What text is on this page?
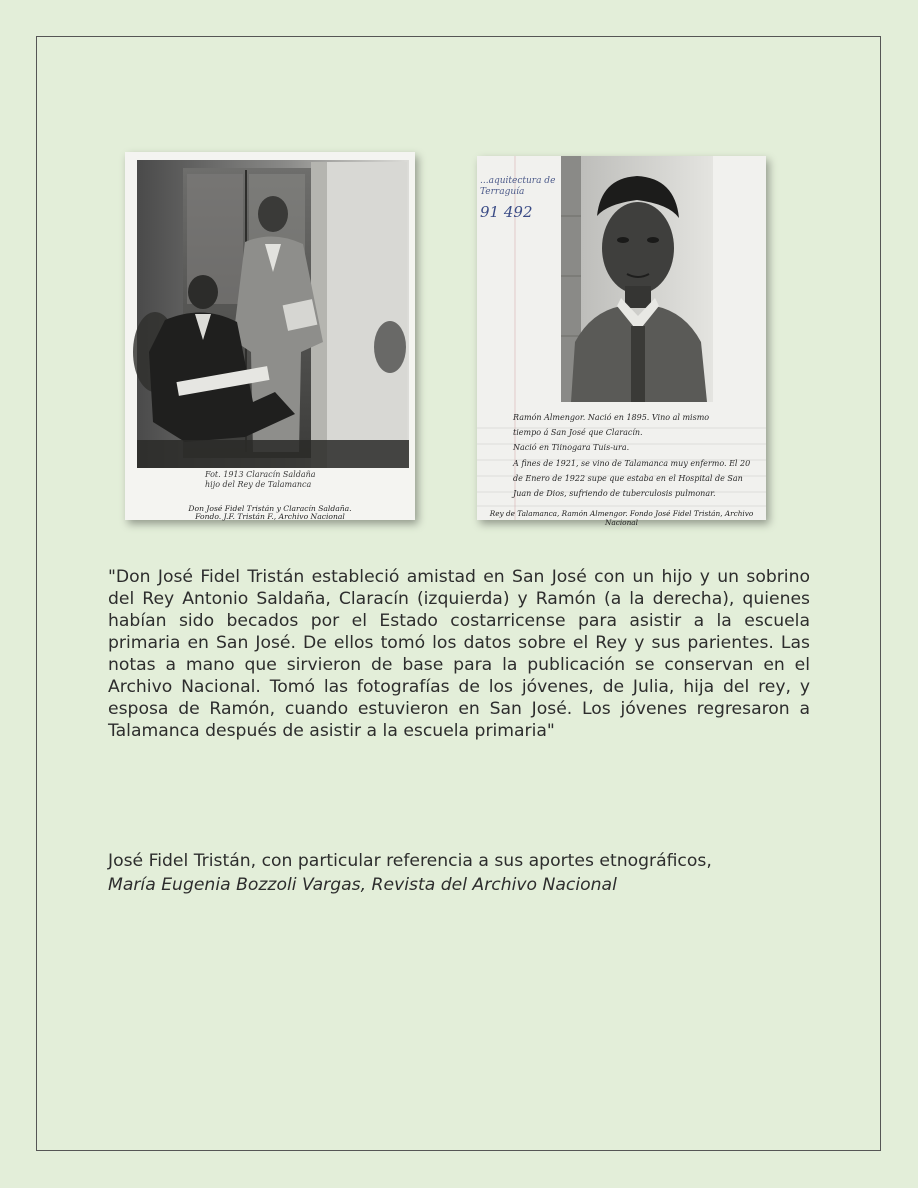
Fot. 1913 Claracín Saldaña
hijo del Rey de Talamanca
Don José Fidel Tristán y Claracín Saldaña.
Fondo. J.F. Tristán F., Archivo Nacional
...aquitectura de
Terraguía
91 492
Ramón Almengor. Nació en 1895. Vino al mismo
tiempo á San José que Claracín.
Nació en Tiinogara Tuis-ura.
A fines de 1921, se vino de Talamanca muy enfermo. El 20
de Enero de 1922 supe que estaba en el Hospital de San
Juan de Dios, sufriendo de tuberculosis pulmonar.
Rey de Talamanca, Ramón Almengor. Fondo José Fidel Tristán, Archivo Nacional
"Don José Fidel Tristán estableció amistad en San José con un hijo y un sobrino del Rey Antonio Saldaña, Claracín (izquierda) y Ramón (a la derecha), quienes habían sido becados por el Estado costarricense para asistir a la escuela primaria en San José. De ellos tomó los datos sobre el Rey y sus parientes. Las notas a mano que sirvieron de base para la publicación se conservan en el Archivo Nacional. Tomó las fotografías de los jóvenes, de Julia, hija del rey, y esposa de Ramón, cuando estuvieron en San José. Los jóvenes regresaron a Talamanca después de asistir a la escuela primaria"
José Fidel Tristán, con particular referencia a sus aportes etnográficos,
María Eugenia Bozzoli Vargas, Revista del Archivo Nacional
